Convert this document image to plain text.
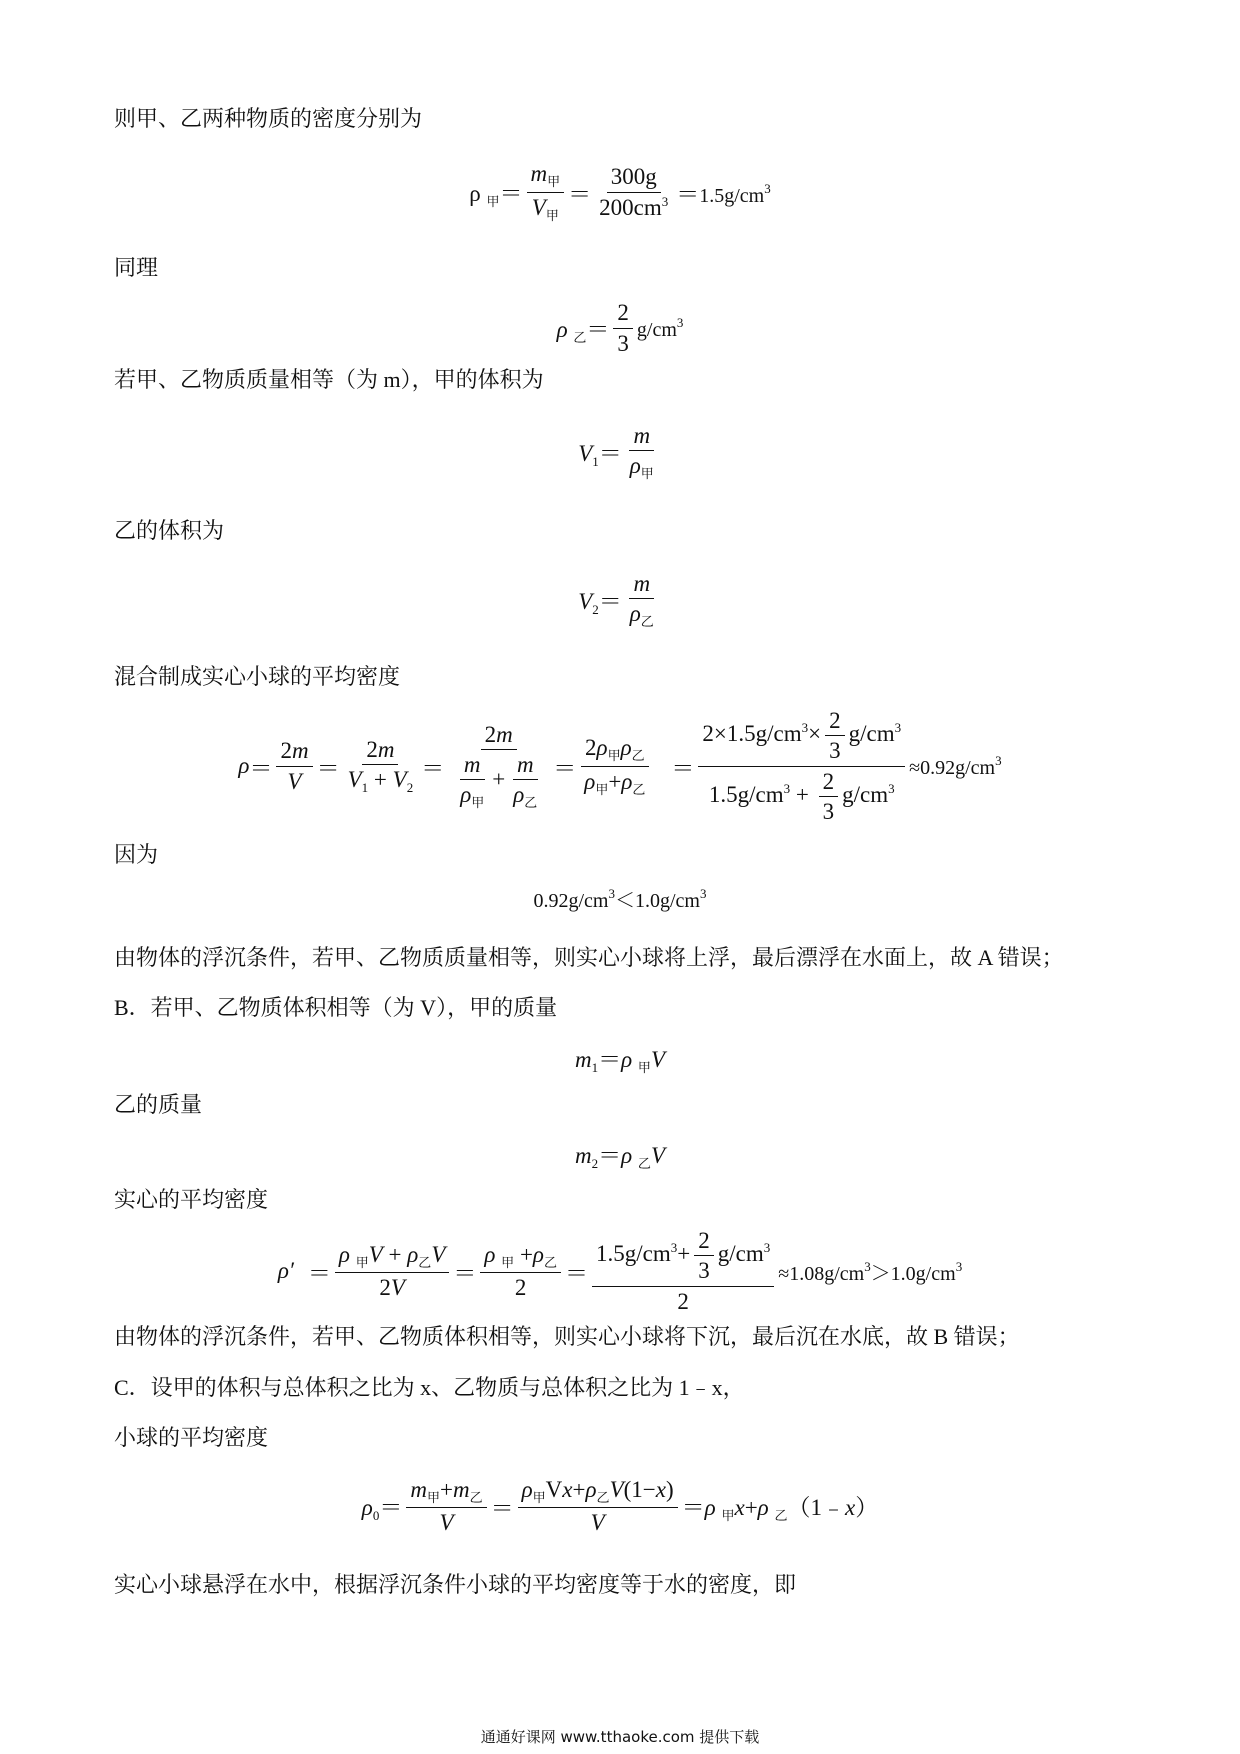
则甲、乙两种物质的密度分别为
ρ $_甲= \frac{m_甲}{V_甲} = \frac{300g}{200cm^3} =1.5g/cm^3$
同理
ρ $_乙= \frac{2}{3} g/cm^3$
若甲、乙物质质量相等（为 m），甲的体积为
$V_1= \frac{m}{\rho_甲}$
乙的体积为
$V_2= \frac{m}{\rho_乙}$
混合制成实心小球的平均密度
$\rho = \frac{2m}{V} = \frac{2m}{V_1 + V_2} = \frac{2m}{\frac{m}{\rho_甲} + \frac{m}{\rho_乙}} = \frac{2\rho_甲\rho_乙}{\rho_甲+\rho_乙} = \frac{2\times 1.5g/cm^3\times \frac{2}{3} g/cm^3}{1.5g/cm^3 + \frac{2}{3} g/cm^3} \approx 0.92g/cm^3$
因为
$0.92g/cm^3<1.0g/cm^3$
由物体的浮沉条件，若甲、乙物质质量相等，则实心小球将上浮，最后漂浮在水面上，故 A 错误；
B．若甲、乙物质体积相等（为 V），甲的质量
$m_1=\rho$ $_甲$V
乙的质量
$m_2=\rho$ $_乙$V
实心的平均密度
$\rho' = \frac{\rho _甲V + \rho_乙V}{2V} = \frac{\rho _甲 +\rho_乙}{2} = \frac{1.5g/cm^3+ \frac{2}{3} g/cm^3}{2} \approx 1.08g/cm^3>1.0g/cm^3$
由物体的浮沉条件，若甲、乙物质体积相等，则实心小球将下沉，最后沉在水底，故 B 错误；
C．设甲的体积与总体积之比为 x、乙物质与总体积之比为 1﹣x，
小球的平均密度
$\rho_0= \frac{m_甲+m_乙}{V} = \frac{\rho_甲Vx+\rho_乙V(1-x)}{V} =\rho$ $_甲$x+ρ $_乙$（1﹣x）
实心小球悬浮在水中，根据浮沉条件小球的平均密度等于水的密度，即
通通好课网 www.tthaoke.com 提供下载
